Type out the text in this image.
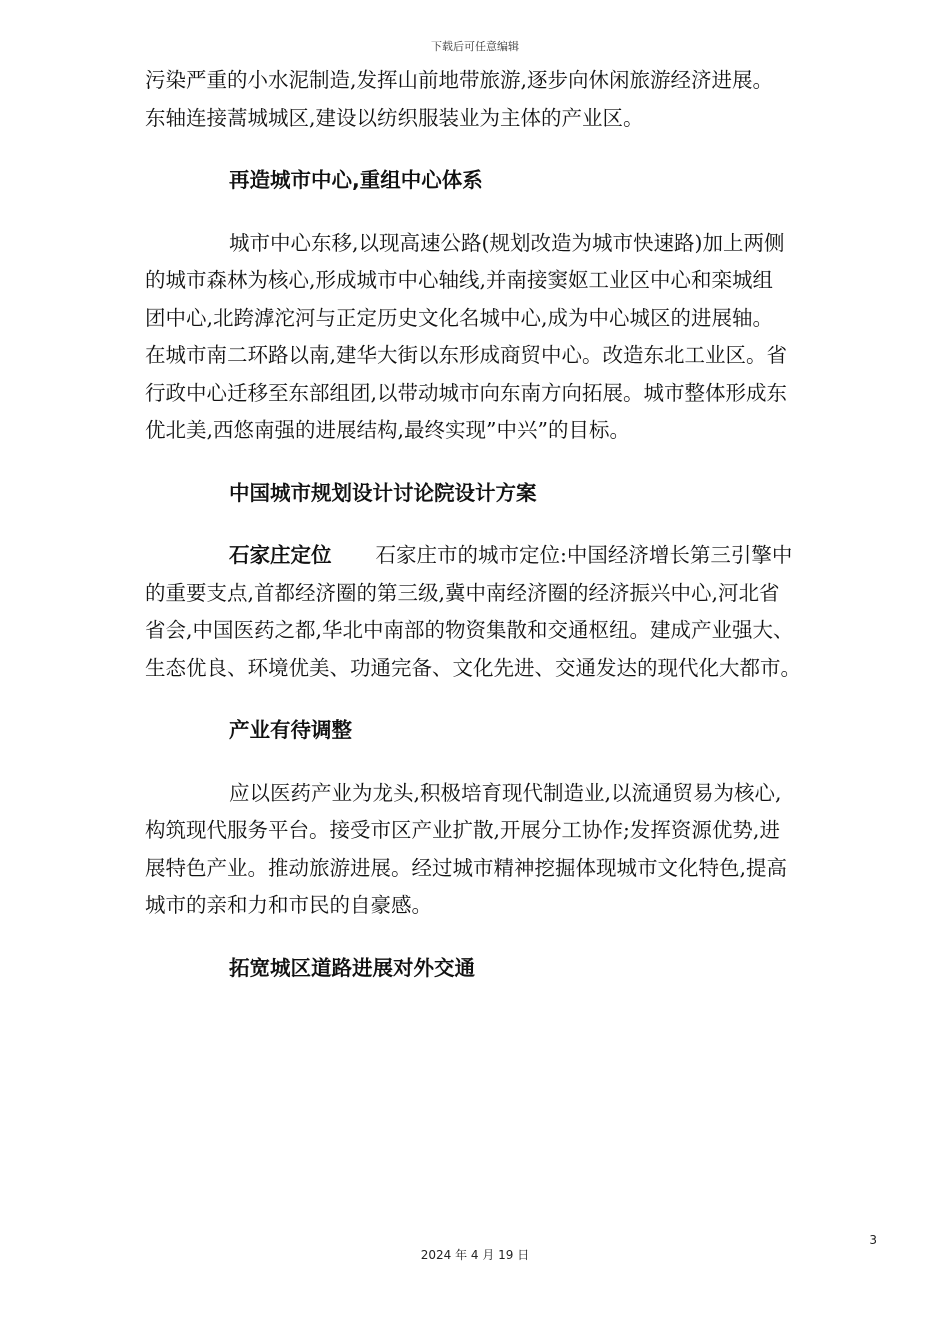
下载后可任意编辑
污染严重的小水泥制造,发挥山前地带旅游,逐步向休闲旅游经济进展。
东轴连接蒿城城区,建设以纺织服装业为主体的产业区。
再造城市中心,重组中心体系
城市中心东移,以现高速公路(规划改造为城市快速路)加上两侧
的城市森林为核心,形成城市中心轴线,并南接窦妪工业区中心和栾城组
团中心,北跨滹沱河与正定历史文化名城中心,成为中心城区的进展轴。
在城市南二环路以南,建华大街以东形成商贸中心。改造东北工业区。省
行政中心迁移至东部组团,以带动城市向东南方向拓展。城市整体形成东
优北美,西悠南强的进展结构,最终实现”中兴”的目标。
中国城市规划设计讨论院设计方案
石家庄定位 石家庄市的城市定位:中国经济增长第三引擎中
的重要支点,首都经济圈的第三级,冀中南经济圈的经济振兴中心,河北省
省会,中国医药之都,华北中南部的物资集散和交通枢纽。建成产业强大、
生态优良、环境优美、功通完备、文化先进、交通发达的现代化大都市。
产业有待调整
应以医药产业为龙头,积极培育现代制造业,以流通贸易为核心,
构筑现代服务平台。接受市区产业扩散,开展分工协作;发挥资源优势,进
展特色产业。推动旅游进展。经过城市精神挖掘体现城市文化特色,提高
城市的亲和力和市民的自豪感。
拓宽城区道路进展对外交通
3
2024 年 4 月 19 日
